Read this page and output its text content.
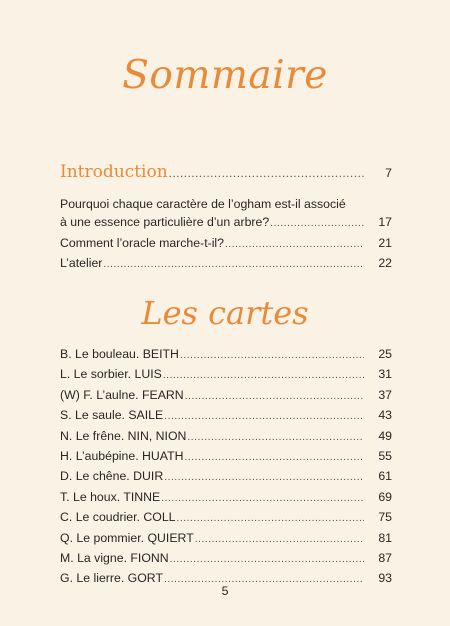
Sommaire
Introduction .....	7
Pourquoi chaque caractère de l’ogham est-il associé
à une essence particulière d’un arbre? .....	17
Comment l’oracle marche-t-il? .....	21
L’atelier .....	22
Les cartes
B. Le bouleau. BEITH .....	25
L. Le sorbier. LUIS .....	31
(W) F. L’aulne. FEARN .....	37
S. Le saule. SAILE .....	43
N. Le frêne. NIN, NION .....	49
H. L’aubépine. HUATH .....	55
D. Le chêne. DUIR .....	61
T. Le houx. TINNE .....	69
C. Le coudrier. COLL .....	75
Q. Le pommier. QUIERT .....	81
M. La vigne. FIONN .....	87
G. Le lierre. GORT .....	93
5
